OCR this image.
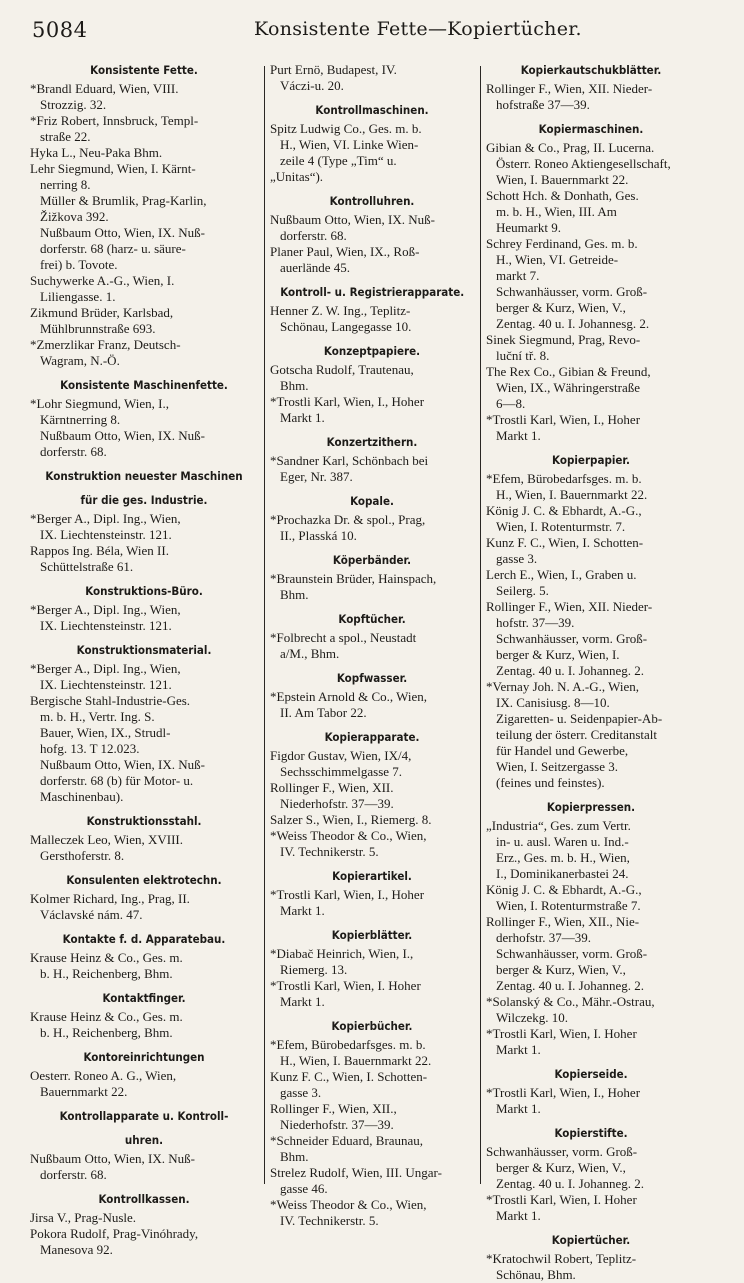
5084	Konsistente Fette—Kopiertücher.
Konsistente Fette.
*Brandl Eduard, Wien, VIII.
Strozzig. 32.
*Friz Robert, Innsbruck, Templ-
straße 22.
Hyka L., Neu-Paka Bhm.
Lehr Siegmund, Wien, I. Kärnt-
nerring 8.
Müller & Brumlik, Prag-Karlin,
Žižkova 392.
Nußbaum Otto, Wien, IX. Nuß-
dorferstr. 68 (harz- u. säure-
frei) b. Tovote.
Suchywerke A.-G., Wien, I.
Liliengasse. 1.
Zikmund Brüder, Karlsbad,
Mühlbrunnstraße 693.
*Zmerzlikar Franz, Deutsch-
Wagram, N.-Ö.
Konsistente Maschinenfette.
*Lohr Siegmund, Wien, I.,
Kärntnerring 8.
Nußbaum Otto, Wien, IX. Nuß-
dorferstr. 68.
Konstruktion neuester Maschinen
für die ges. Industrie.
*Berger A., Dipl. Ing., Wien,
IX. Liechtensteinstr. 121.
Rappos Ing. Béla, Wien II.
Schüttelstraße 61.
Konstruktions-Büro.
*Berger A., Dipl. Ing., Wien,
IX. Liechtensteinstr. 121.
Konstruktionsmaterial.
*Berger A., Dipl. Ing., Wien,
IX. Liechtensteinstr. 121.
Bergische Stahl-Industrie-Ges.
m. b. H., Vertr. Ing. S.
Bauer, Wien, IX., Strudl-
hofg. 13. T 12.023.
Nußbaum Otto, Wien, IX. Nuß-
dorferstr. 68 (b) für Motor- u.
Maschinenbau).
Konstruktionsstahl.
Malleczek Leo, Wien, XVIII.
Gersthoferstr. 8.
Konsulenten elektrotechn.
Kolmer Richard, Ing., Prag, II.
Václavské nám. 47.
Kontakte f. d. Apparatebau.
Krause Heinz & Co., Ges. m.
b. H., Reichenberg, Bhm.
Kontaktfinger.
Krause Heinz & Co., Ges. m.
b. H., Reichenberg, Bhm.
Kontoreinrichtungen
Oesterr. Roneo A. G., Wien,
Bauernmarkt 22.
Kontrollapparate u. Kontroll-
uhren.
Nußbaum Otto, Wien, IX. Nuß-
dorferstr. 68.
Kontrollkassen.
Jirsa V., Prag-Nusle.
Pokora Rudolf, Prag-Vinóhrady,
Manesova 92.
Purt Ernö, Budapest, IV.
Váczi-u. 20.
Kontrollmaschinen.
Spitz Ludwig Co., Ges. m. b.
H., Wien, VI. Linke Wien-
zeile 4 (Type „Tim“ u.
„Unitas“).
Kontrolluhren.
Nußbaum Otto, Wien, IX. Nuß-
dorferstr. 68.
Planer Paul, Wien, IX., Roß-
auerlände 45.
Kontroll- u. Registrierapparate.
Henner Z. W. Ing., Teplitz-
Schönau, Langegasse 10.
Konzeptpapiere.
Gotscha Rudolf, Trautenau,
Bhm.
*Trostli Karl, Wien, I., Hoher
Markt 1.
Konzertzithern.
*Sandner Karl, Schönbach bei
Eger, Nr. 387.
Kopale.
*Prochazka Dr. & spol., Prag,
II., Plasská 10.
Köperbänder.
*Braunstein Brüder, Hainspach,
Bhm.
Kopftücher.
*Folbrecht a spol., Neustadt
a/M., Bhm.
Kopfwasser.
*Epstein Arnold & Co., Wien,
II. Am Tabor 22.
Kopierapparate.
Figdor Gustav, Wien, IX/4,
Sechsschimmelgasse 7.
Rollinger F., Wien, XII.
Niederhofstr. 37—39.
Salzer S., Wien, I., Riemerg. 8.
*Weiss Theodor & Co., Wien,
IV. Technikerstr. 5.
Kopierartikel.
*Trostli Karl, Wien, I., Hoher
Markt 1.
Kopierblätter.
*Diabač Heinrich, Wien, I.,
Riemerg. 13.
*Trostli Karl, Wien, I. Hoher
Markt 1.
Kopierbücher.
*Efem, Bürobedarfsges. m. b.
H., Wien, I. Bauernmarkt 22.
Kunz F. C., Wien, I. Schotten-
gasse 3.
Rollinger F., Wien, XII.,
Niederhofstr. 37—39.
*Schneider Eduard, Braunau,
Bhm.
Strelez Rudolf, Wien, III. Ungar-
gasse 46.
*Weiss Theodor & Co., Wien,
IV. Technikerstr. 5.
Kopierkautschukblätter.
Rollinger F., Wien, XII. Nieder-
hofstraße 37—39.
Kopiermaschinen.
Gibian & Co., Prag, II. Lucerna.
Österr. Roneo Aktiengesellschaft,
Wien, I. Bauernmarkt 22.
Schott Hch. & Donhath, Ges.
m. b. H., Wien, III. Am
Heumarkt 9.
Schrey Ferdinand, Ges. m. b.
H., Wien, VI. Getreide-
markt 7.
Schwanhäusser, vorm. Groß-
berger & Kurz, Wien, V.,
Zentag. 40 u. I. Johannesg. 2.
Sinek Siegmund, Prag, Revo-
luční tř. 8.
The Rex Co., Gibian & Freund,
Wien, IX., Währingerstraße
6—8.
*Trostli Karl, Wien, I., Hoher
Markt 1.
Kopierpapier.
*Efem, Bürobedarfsges. m. b.
H., Wien, I. Bauernmarkt 22.
König J. C. & Ebhardt, A.-G.,
Wien, I. Rotenturmstr. 7.
Kunz F. C., Wien, I. Schotten-
gasse 3.
Lerch E., Wien, I., Graben u.
Seilerg. 5.
Rollinger F., Wien, XII. Nieder-
hofstr. 37—39.
Schwanhäusser, vorm. Groß-
berger & Kurz, Wien, I.
Zentag. 40 u. I. Johanneg. 2.
*Vernay Joh. N. A.-G., Wien,
IX. Canisiusg. 8—10.
Zigaretten- u. Seidenpapier-Ab-
teilung der österr. Creditanstalt
für Handel und Gewerbe,
Wien, I. Seitzergasse 3.
(feines und feinstes).
Kopierpressen.
„Industria“, Ges. zum Vertr.
in- u. ausl. Waren u. Ind.-
Erz., Ges. m. b. H., Wien,
I., Dominikanerbastei 24.
König J. C. & Ebhardt, A.-G.,
Wien, I. Rotenturmstraße 7.
Rollinger F., Wien, XII., Nie-
derhofstr. 37—39.
Schwanhäusser, vorm. Groß-
berger & Kurz, Wien, V.,
Zentag. 40 u. I. Johanneg. 2.
*Solanský & Co., Mähr.-Ostrau,
Wilczekg. 10.
*Trostli Karl, Wien, I. Hoher
Markt 1.
Kopierseide.
*Trostli Karl, Wien, I., Hoher
Markt 1.
Kopierstifte.
Schwanhäusser, vorm. Groß-
berger & Kurz, Wien, V.,
Zentag. 40 u. I. Johanneg. 2.
*Trostli Karl, Wien, I. Hoher
Markt 1.
Kopiertücher.
*Kratochwil Robert, Teplitz-
Schönau, Bhm.
